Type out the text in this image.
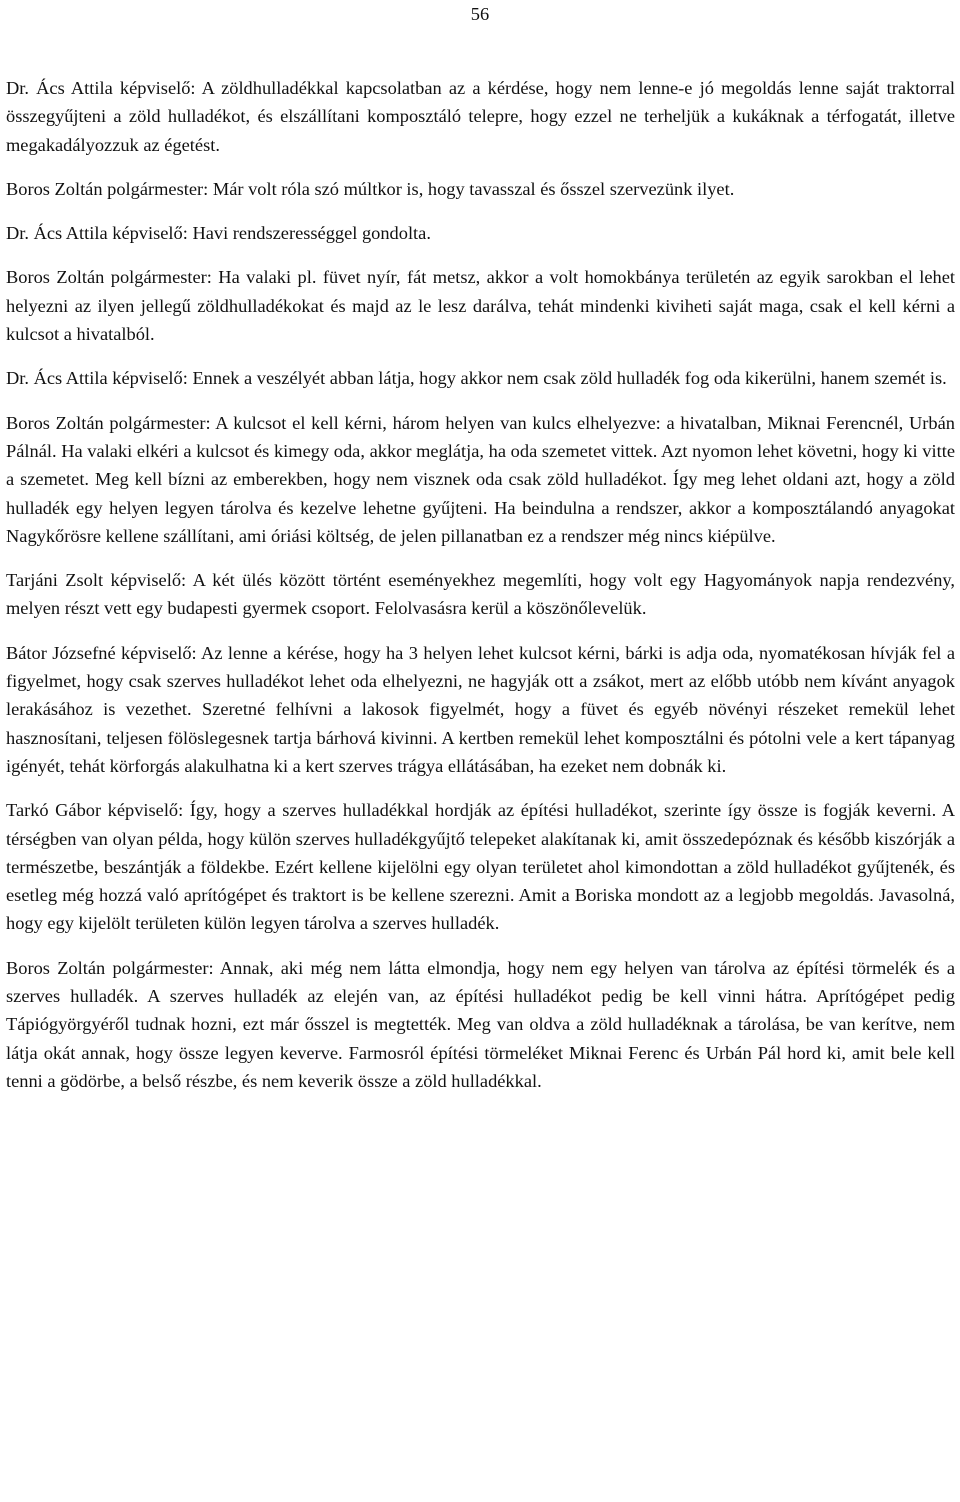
56

Dr. Ács Attila képviselő: A zöldhulladékkal kapcsolatban az a kérdése, hogy nem lenne-e jó megoldás lenne saját traktorral összegyűjteni a zöld hulladékot, és elszállítani komposztáló telepre, hogy ezzel ne terheljük a kukáknak a térfogatát, illetve megakadályozzuk az égetést.

Boros Zoltán polgármester: Már volt róla szó múltkor is, hogy tavasszal és ősszel szervezünk ilyet.

Dr. Ács Attila képviselő: Havi rendszerességgel gondolta.

Boros Zoltán polgármester: Ha valaki pl. füvet nyír, fát metsz, akkor a volt homokbánya területén az egyik sarokban el lehet helyezni az ilyen jellegű zöldhulladékokat és majd az le lesz darálva, tehát mindenki kiviheti saját maga, csak el kell kérni a kulcsot a hivatalból.

Dr. Ács Attila képviselő: Ennek a veszélyét abban látja, hogy akkor nem csak zöld hulladék fog oda kikerülni, hanem szemét is.

Boros Zoltán polgármester: A kulcsot el kell kérni, három helyen van kulcs elhelyezve: a hivatalban, Miknai Ferencnél, Urbán Pálnál. Ha valaki elkéri a kulcsot és kimegy oda, akkor meglátja, ha oda szemetet vittek. Azt nyomon lehet követni, hogy ki vitte a szemetet. Meg kell bízni az emberekben, hogy nem visznek oda csak zöld hulladékot. Így meg lehet oldani azt, hogy a zöld hulladék egy helyen legyen tárolva és kezelve lehetne gyűjteni. Ha beindulna a rendszer, akkor a komposztálandó anyagokat Nagykőrösre kellene szállítani, ami óriási költség, de jelen pillanatban ez a rendszer még nincs kiépülve.

Tarjáni Zsolt képviselő: A két ülés között történt eseményekhez megemlíti, hogy volt egy Hagyományok napja rendezvény, melyen részt vett egy budapesti gyermek csoport. Felolvasásra kerül a köszönőlevelük.

Bátor Józsefné képviselő: Az lenne a kérése, hogy ha 3 helyen lehet kulcsot kérni, bárki is adja oda, nyomatékosan hívják fel a figyelmet, hogy csak szerves hulladékot lehet oda elhelyezni, ne hagyják ott a zsákot, mert az előbb utóbb nem kívánt anyagok lerakásához is vezethet. Szeretné felhívni a lakosok figyelmét, hogy a füvet és egyéb növényi részeket remekül lehet hasznosítani, teljesen fölöslegesnek tartja bárhová kivinni. A kertben remekül lehet komposztálni és pótolni vele a kert tápanyag igényét, tehát körforgás alakulhatna ki a kert szerves trágya ellátásában, ha ezeket nem dobnák ki.

Tarkó Gábor képviselő: Így, hogy a szerves hulladékkal hordják az építési hulladékot, szerinte így össze is fogják keverni. A térségben van olyan példa, hogy külön szerves hulladékgyűjtő telepeket alakítanak ki, amit összedepóznak és később kiszórják a természetbe, beszántják a földekbe. Ezért kellene kijelölni egy olyan területet ahol kimondottan a zöld hulladékot gyűjtenék, és esetleg még hozzá való aprítógépet és traktort is be kellene szerezni. Amit a Boriska mondott az a legjobb megoldás. Javasolná, hogy egy kijelölt területen külön legyen tárolva a szerves hulladék.

Boros Zoltán polgármester: Annak, aki még nem látta elmondja, hogy nem egy helyen van tárolva az építési törmelék és a szerves hulladék. A szerves hulladék az elején van, az építési hulladékot pedig be kell vinni hátra. Aprítógépet pedig Tápiógyörgyéről tudnak hozni, ezt már ősszel is megtették. Meg van oldva a zöld hulladéknak a tárolása, be van kerítve, nem látja okát annak, hogy össze legyen keverve. Farmosról építési törmeléket Miknai Ferenc és Urbán Pál hord ki, amit bele kell tenni a gödörbe, a belső részbe, és nem keverik össze a zöld hulladékkal.
